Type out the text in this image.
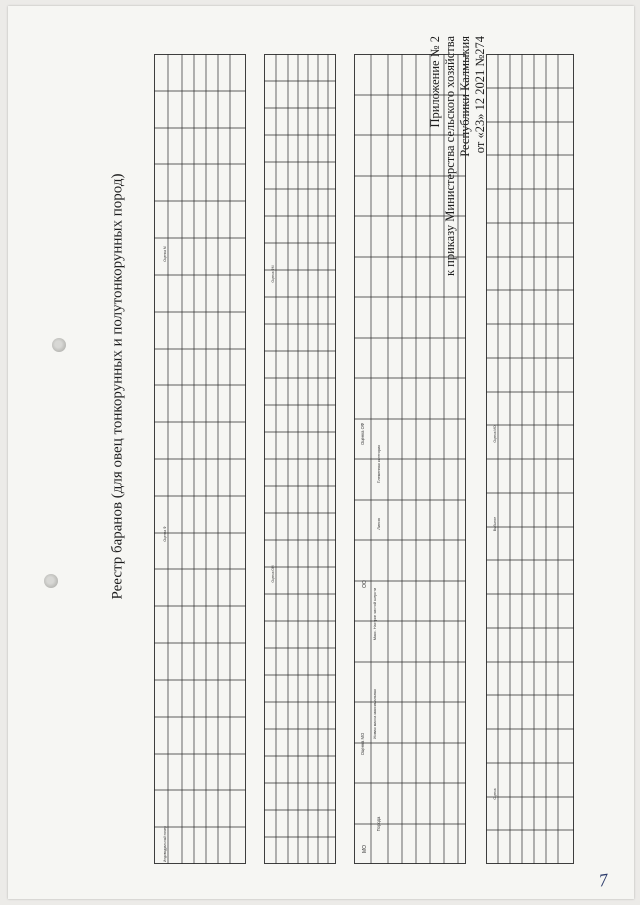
Приложение № 2 к приказу Министерства сельского хозяйства Республики Калмыкия от «23» 12 2021 №274
Реестр баранов (для овец тонкорунных и полутонкорунных пород)
Индивидуальный номер
Оценка М
Оценка Ф
Оценка ОМ
Оценка ФМ
МО
Порода
Оценка МО
Живая масса максимальная
Макс. Настриг чистой шерсти
ОО
Оценка ОФ
Линия
Племенная категория
Выбытие
Оценка
Оценка МО
7
